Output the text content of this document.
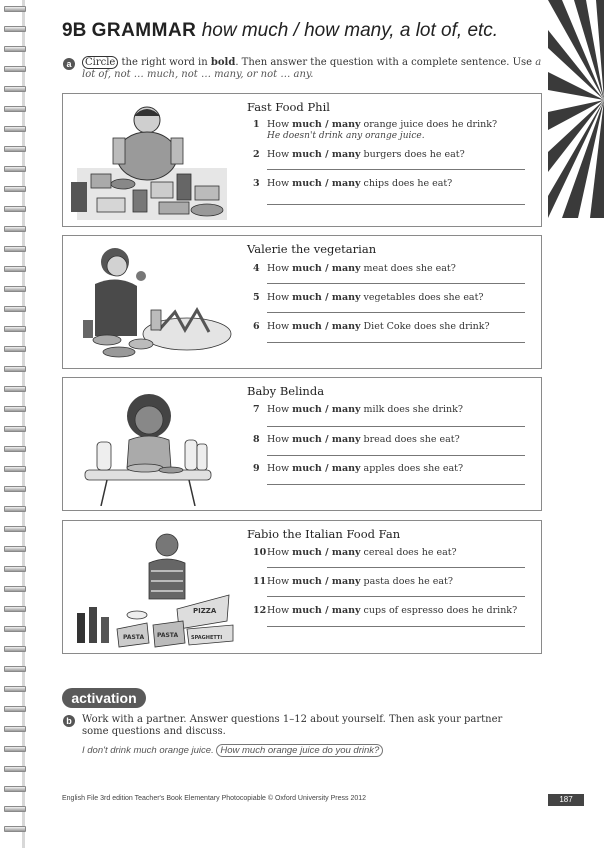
9B GRAMMAR how much / how many, a lot of, etc.
a	Circle the right word in bold. Then answer the question with a complete sentence. Use a lot of, not … much, not … many, or not … any.
Fast Food Phil
1 How much / many orange juice does he drink?
He doesn't drink any orange juice.
2 How much / many burgers does he eat?
3 How much / many chips does he eat?
Valerie the vegetarian
4 How much / many meat does she eat?
5 How much / many vegetables does she eat?
6 How much / many Diet Coke does she drink?
Baby Belinda
7 How much / many milk does she drink?
8 How much / many bread does she eat?
9 How much / many apples does she eat?
PIZZA
PASTA PASTA	SPAGHETTI
Fabio the Italian Food Fan
10How much / many cereal does he eat?
11How much / many pasta does he eat?
12How much / many cups of espresso does he drink?
activation
b	Work with a partner. Answer questions 1–12 about yourself. Then ask your partner some questions and discuss.
I don't drink much orange juice. How much orange juice do you drink?
English File 3rd edition Teacher's Book Elementary Photocopiable © Oxford University Press 2012	187
